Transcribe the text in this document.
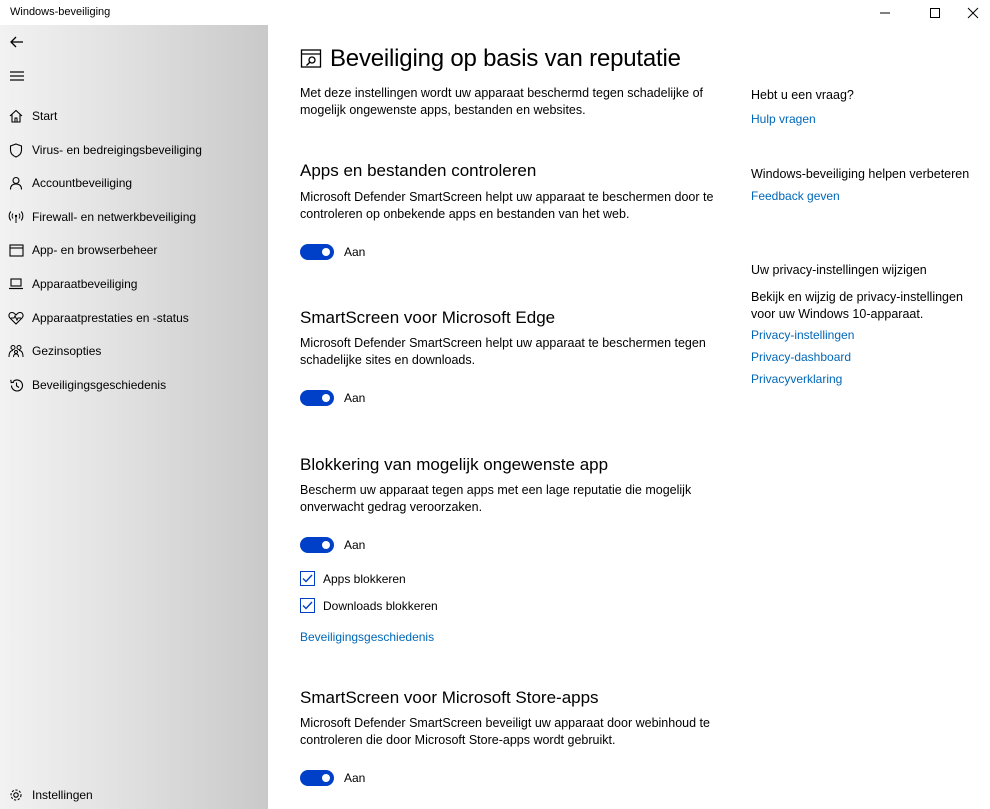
Windows-beveiliging
Start
Virus- en bedreigingsbeveiliging
Accountbeveiliging
Firewall- en netwerkbeveiliging
App- en browserbeheer
Apparaatbeveiliging
Apparaatprestaties en -status
Gezinsopties
Beveiligingsgeschiedenis
Instellingen
Beveiliging op basis van reputatie
Met deze instellingen wordt uw apparaat beschermd tegen schadelijke of mogelijk ongewenste apps, bestanden en websites.
Apps en bestanden controleren
Microsoft Defender SmartScreen helpt uw apparaat te beschermen door te controleren op onbekende apps en bestanden van het web.
Aan
SmartScreen voor Microsoft Edge
Microsoft Defender SmartScreen helpt uw apparaat te beschermen tegen schadelijke sites en downloads.
Aan
Blokkering van mogelijk ongewenste app
Bescherm uw apparaat tegen apps met een lage reputatie die mogelijk onverwacht gedrag veroorzaken.
Aan
Apps blokkeren
Downloads blokkeren
Beveiligingsgeschiedenis
SmartScreen voor Microsoft Store-apps
Microsoft Defender SmartScreen beveiligt uw apparaat door webinhoud te controleren die door Microsoft Store-apps wordt gebruikt.
Aan
Hebt u een vraag?
Hulp vragen
Windows-beveiliging helpen verbeteren
Feedback geven
Uw privacy-instellingen wijzigen
Bekijk en wijzig de privacy-instellingen voor uw Windows 10-apparaat.
Privacy-instellingen
Privacy-dashboard
Privacyverklaring
